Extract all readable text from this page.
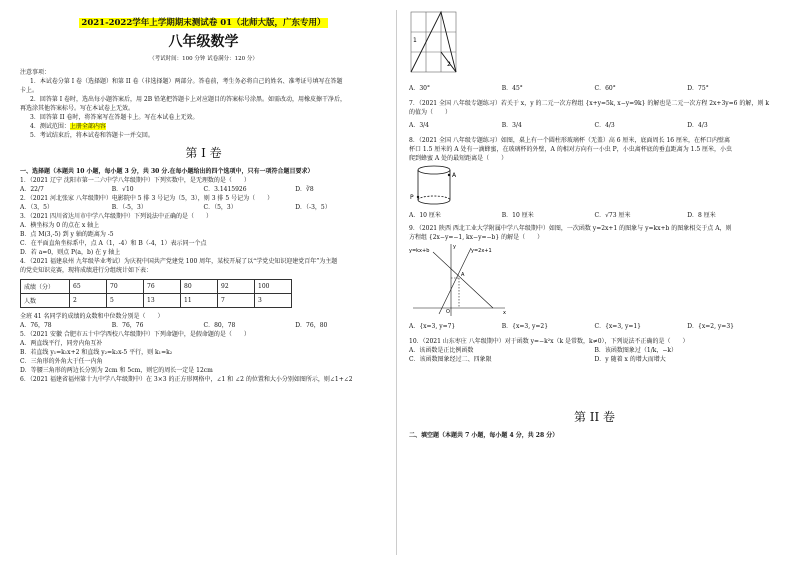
2021-2022学年上学期期末测试卷 01（北师大版，广东专用）
八年级数学
（考试时间：100 分钟 试卷满分：120 分）
注意事项：
1．本试卷分第 I 卷（选择题）和第 II 卷（非选择题）两部分。答卷前，考生务必将自己的姓名、准考证号填写在答题
卡上。
2．回答第 I 卷时，选出每小题答案后，用 2B 铅笔把答题卡上对应题目的答案标号涂黑。如需改动，用橡皮擦干净后，
再选涂其他答案标号。写在本试卷上无效。
3．回答第 II 卷时，将答案写在答题卡上。写在本试卷上无效。
4．测试范围：上册全部内容
5．考试结束后，将本试卷和答题卡一并交回。
第 I 卷
一、选择题（本题共 10 小题，每小题 3 分，共 30 分.在每小题给出的四个选项中，只有一项符合题目要求）
1．（2021 辽宁 沈阳市第一二六中学八年级期中）下列实数中，是无理数的是（　　）
A．22/7	B．√10	C．3.1415926	D．∛8
2．（2021 河北张家 八年级期中）电影院中 5 排 3 号记为（5，3），则 3 排 5 号记为（　　）
A．（3，5）	B．（-5，3）	C．（5，3）	D．（-3，5）
3．（2021 四川省达川市中学八年级期中）下列说法中正确的是（　　）
A．横坐标为 0 的点在 x 轴上
B．点 M(3,-5) 到 y 轴的距离为 -5
C．在平面直角坐标系中，点 A（1，-4）和 B（-4，1）表示同一个点
D．若 a=0，则点 P(a，b) 在 y 轴上
4．（2021 福建泉州 九年级毕业考试）为庆祝中国共产党建党 100 周年，某校开展了以“学党史知识迎建党百年”为主题
的党史知识竞赛，现将成绩进行分组统计如下表：
成绩（分）	65	70	76	80	92	100
人数	2	5	13	11	7	3
全班 41 名同学的成绩的众数和中位数分别是（　　）
A．76，78	B．76，76	C．80，78	D．76，80
5．（2021 安徽 合肥市五十中学西校八年级期中）下列命题中，是假命题的是（　　）
A．两直线平行，同旁内角互补
B．若直线 y₁=k₁x+2 和直线 y₂=k₂x-5 平行，则 k₁=k₂
C．三角形的外角大于任一内角
D．等腰三角形的两边长分别为 2cm 和 5cm，则它的周长一定是 12cm
6．（2021 福建省福州第十九中学八年级期中）在 3×3 的正方形网格中，∠1 和 ∠2 的位置和大小分别如图所示，则∠1+∠2
1
2
A．30°	B．45°	C．60°	D．75°
7．（2021 全国 八年级专题练习）若关于 x，y 的二元一次方程组 {x+y=5k, x−y=9k} 的解也是二元一次方程 2x+3y=6 的解，则 k
的值为（　　）
A．3/4	B．3/4	C．4/3	D．4/3
8．（2021 全国 八年级专题练习）如图，桌上有一个圆柱形玻璃杯（无盖）高 6 厘米，底面周长 16 厘米，在杯口内壁离
杯口 1.5 厘米的 A 处有一滴蜂蜜，在玻璃杯的外壁，A 的相对方向有一小虫 P，小虫离杯底的垂直距离为 1.5 厘米，小虫
爬到蜂蜜 A 处的最短距离是（　　）
A
P
A．10 厘米	B．10 厘米	C．√73 厘米	D．8 厘米
9．（2021 陕西 西北工业大学附属中学八年级期中）如图，一次函数 y=2x+1 的图象与 y=kx+b 的图象相交于点 A，则
方程组 {2x−y=−1, kx−y=−b} 的解是（　　）
y=kx+b	y=2x+1
A
O	x
y
A．{x=3, y=7}	B．{x=3, y=2}	C．{x=3, y=1}	D．{x=2, y=3}
10．（2021 山东枣庄 八年级期中）对于函数 y=−k²x（k 是常数，k≠0），下列说法不正确的是（　　）
A．该函数是正比例函数	B．该函数图象过（1/k，−k）
C．该函数图象经过二、四象限	D．y 随着 x 的增大而增大
第 II 卷
二、填空题（本题共 7 小题，每小题 4 分，共 28 分）
